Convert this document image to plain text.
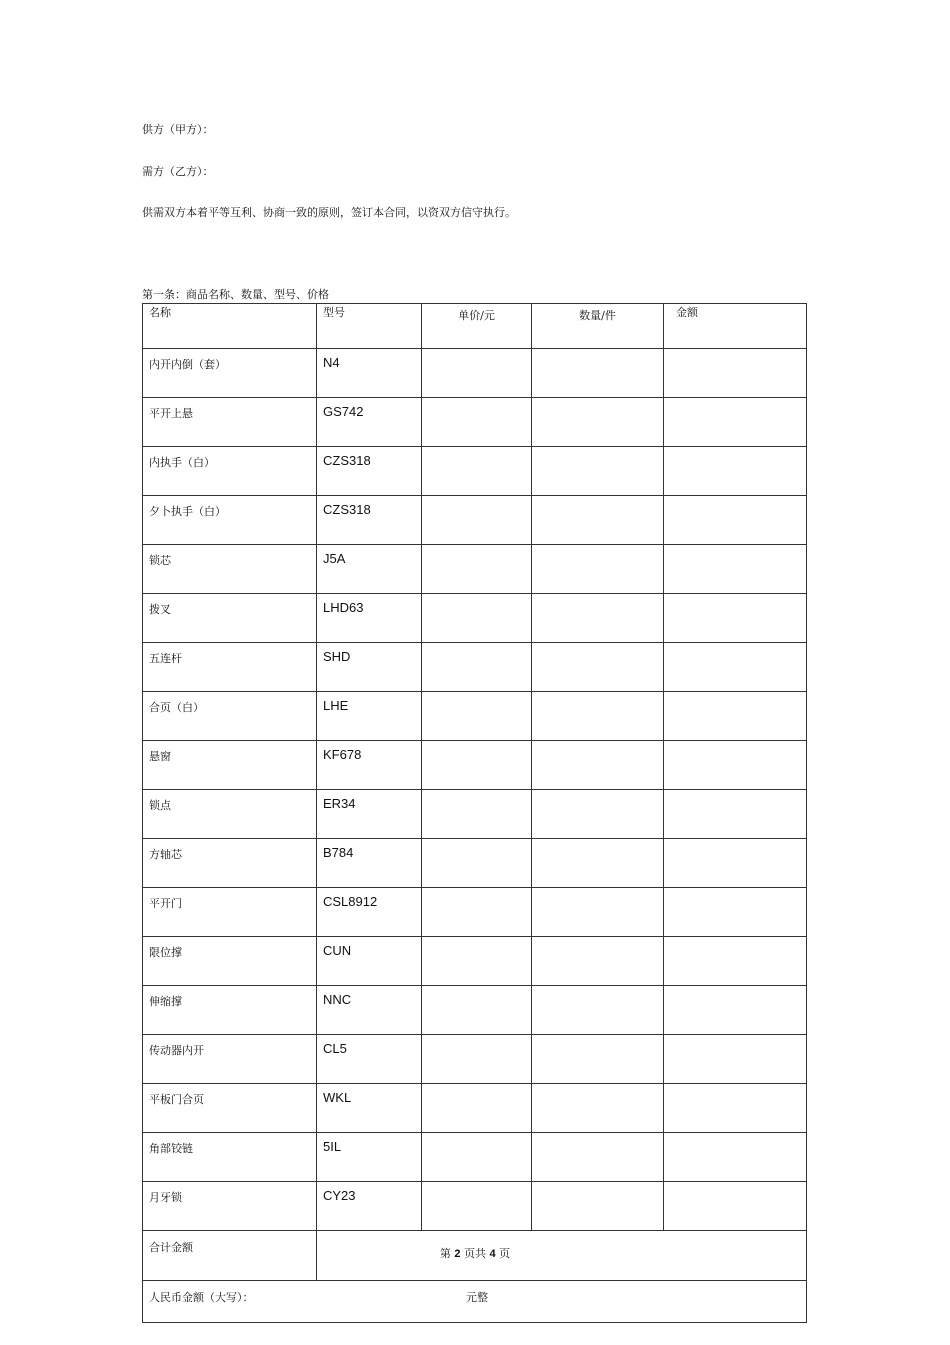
供方（甲方）：
需方（乙方）：
供需双方本着平等互利、协商一致的原则，签订本合同，以资双方信守执行。
第一条：商品名称、数量、型号、价格
名称	型号	单价/元	数量/件	金额
内开内倒（套）	N4			
平开上悬	GS742			
内执手（白）	CZS318			
夕卜执手（白）	CZS318			
锁芯	J5A			
拨叉	LHD63			
五连杆	SHD			
合页（白）	LHE			
悬窗	KF678			
锁点	ER34			
方轴芯	B784			
平开门	CSL8912			
限位撑	CUN			
伸缩撑	NNC			
传动器内开	CL5			
平板门合页	WKL			
角部铰链	5IL			
月牙锁	CY23			
合计金额				

人民币金额（大写）： 元整				
第 2 页共 4 页
